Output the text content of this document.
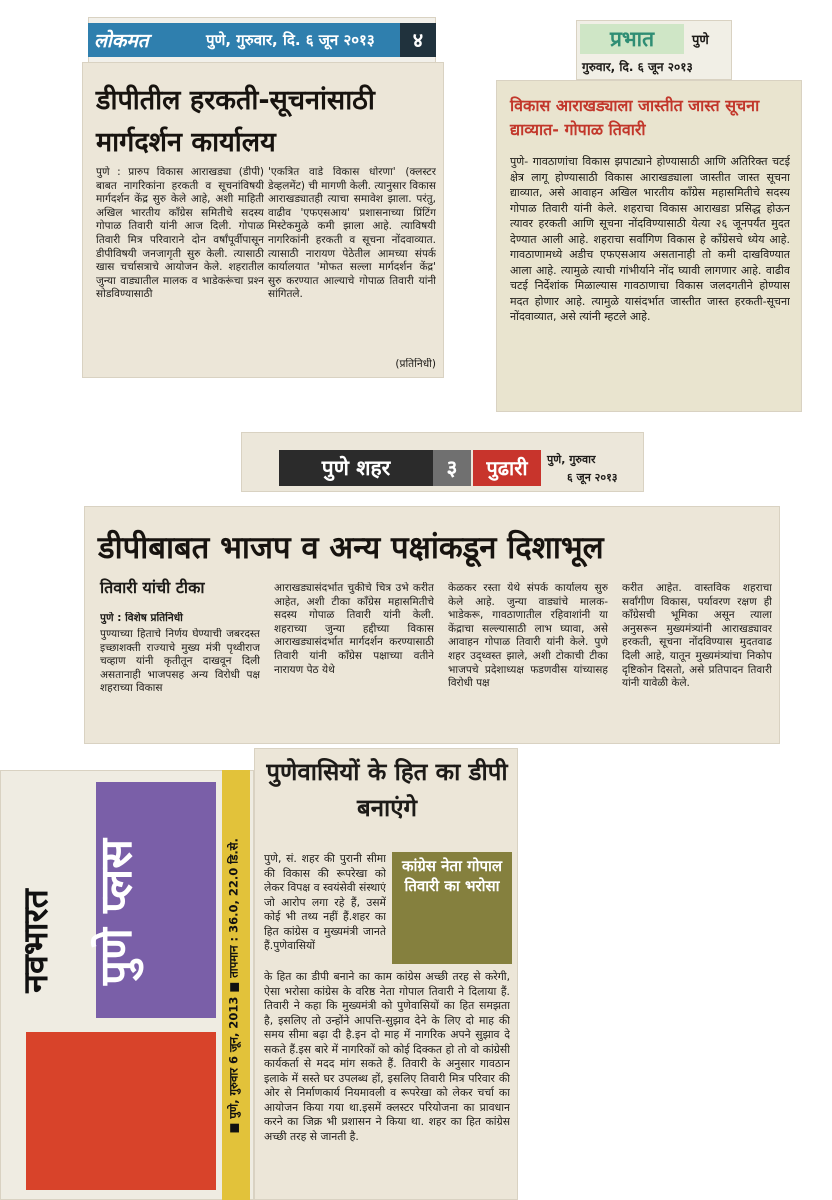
लोकमत	पुणे, गुरुवार, दि. ६ जून २०१३	४
डीपीतील हरकती-सूचनांसाठी मार्गदर्शन कार्यालय
पुणे : प्रारुप विकास आराखड्या (डीपी) बाबत नागरिकांना हरकती व सूचनांविषयी मार्गदर्शन केंद्र सुरु केले आहे, अशी माहिती अखिल भारतीय काँग्रेस समितीचे सदस्य गोपाळ तिवारी यांनी आज दिली. गोपाळ तिवारी मित्र परिवाराने दोन वर्षांपूर्वीपासून डीपीविषयी जनजागृती सुरु केली. त्यासाठी खास चर्चासत्राचे आयोजन केले. शहरातील जुन्या वाड्यातील मालक व भाडेकरूंचा प्रश्‍न सोडविण्यासाठी
'एकत्रित वाडे विकास धोरणा' (क्लस्टर डेव्हलमेंट) ची मागणी केली. त्यानुसार विकास आराखड्यातही त्याचा समावेश झाला. परंतु, वाढीव 'एफएसआय' प्रशासनाच्या प्रिंटिंग मिस्टेकमुळे कमी झाला आहे. त्याविषयी नागरिकांनी हरकती व सूचना नोंदवाव्यात. त्यासाठी नारायण पेठेतील आमच्या संपर्क कार्यालयात 'मोफत सल्ला मार्गदर्शन केंद्र' सुरु करण्यात आल्याचे गोपाळ तिवारी यांनी सांगितले.
(प्रतिनिधी)
प्रभात	पुणे
गुरुवार, दि. ६ जून २०१३
विकास आराखड्याला जास्तीत जास्त सूचना द्याव्यात- गोपाळ तिवारी
पुणे- गावठाणांचा विकास झपाट्याने होण्यासाठी आणि अतिरिक्त चटई क्षेत्र लागू होण्यासाठी विकास आराखड्याला जास्तीत जास्त सूचना द्याव्यात, असे आवाहन अखिल भारतीय काँग्रेस महासमितीचे सदस्य गोपाळ तिवारी यांनी केले. शहराचा विकास आराखडा प्रसिद्ध होऊन त्यावर हरकती आणि सूचना नोंदविण्यासाठी येत्या २६ जूनपर्यंत मुदत देण्यात आली आहे. शहराचा सर्वांगिण विकास हे काँग्रेसचे ध्येय आहे. गावठाणामध्ये अडीच एफएसआय असतानाही तो कमी दाखविण्यात आला आहे. त्यामुळे त्याची गांभीर्याने नोंद घ्यावी लागणार आहे. वाढीव चटई निर्देशांक मिळाल्यास गावठाणाचा विकास जलदगतीने होण्यास मदत होणार आहे. त्यामुळे यासंदर्भात जास्तीत जास्त हरकती-सूचना नोंदवाव्यात, असे त्यांनी म्हटले आहे.
पुणे शहर	३	पुढारी	पुणे, गुरुवार
६ जून २०१३
डीपीबाबत भाजप व अन्य पक्षांकडून दिशाभूल
तिवारी यांची टीका
पुणे : विशेष प्रतिनिधी
पुण्याच्या हिताचे निर्णय घेण्याची जबरदस्त इच्छाशक्ती राज्याचे मुख्य मंत्री पृथ्वीराज चव्हाण यांनी कृतीतून दाखवून दिली असतानाही भाजपसह अन्य विरोधी पक्ष शहराच्या विकास
आराखड्यासंदर्भात चुकीचे चित्र उभे करीत आहेत, अशी टीका काँग्रेस महासमितीचे सदस्य गोपाळ तिवारी यांनी केली. शहराच्या जुन्या हद्दीच्या विकास आराखड्यासंदर्भात मार्गदर्शन करण्यासाठी तिवारी यांनी काँग्रेस पक्षाच्या वतीने नारायण पेठ येथे
केळकर रस्ता येथे संपर्क कार्यालय सुरु केले आहे. जुन्या वाड्यांचे मालक-भाडेकरू, गावठाणातील रहिवाशांनी या केंद्राचा सल्ल्यासाठी लाभ घ्यावा, असे आवाहन गोपाळ तिवारी यांनी केले. पुणे शहर उद्ध्वस्त झाले, अशी टोकाची टीका भाजपचे प्रदेशाध्यक्ष फडणवीस यांच्यासह विरोधी पक्ष
करीत आहेत. वास्तविक शहराचा सर्वांगीण विकास, पर्यावरण रक्षण ही काँग्रेसची भूमिका असून त्याला अनुसरून मुख्यमंत्र्यांनी आराखड्यावर हरकती, सूचना नोंदविण्यास मुदतवाढ दिली आहे, यातून मुख्यमंत्र्यांचा निकोप दृष्टिकोन दिसतो, असे प्रतिपादन तिवारी यांनी यावेळी केले.
नवभारत पुणे प्लस	■ पुणे, गुरुवार 6 जून, 2013 ■ तापमान : 36.0, 22.0 डि.से.
पुणेवासियों के हित का डीपी बनाएंगे
कांग्रेस नेता गोपाल तिवारी का भरोसा
पुणे, सं. शहर की पुरानी सीमा की विकास की रूपरेखा को लेकर विपक्ष व स्वयंसेवी संस्थाएं जो आरोप लगा रहे हैं, उसमें कोई भी तथ्य नहीं हैं.शहर का हित कांग्रेस व मुख्यमंत्री जानते हैं.पुणेवासियों
के हित का डीपी बनाने का काम कांग्रेस अच्छी तरह से करेगी, ऐसा भरोसा कांग्रेस के वरिष्ठ नेता गोपाल तिवारी ने दिलाया हैं. तिवारी ने कहा कि मुख्यमंत्री को पुणेवासियों का हित समझता है, इसलिए तो उन्होंने आपत्ति-सुझाव देने के लिए दो माह की समय सीमा बढ़ा दी है.इन दो माह में नागरिक अपने सुझाव दे सकते हैं.इस बारे में नागरिकों को कोई दिक्कत हो तो वो कांग्रेसी कार्यकर्ता से मदद मांग सकते हैं. तिवारी के अनुसार गावठान इलाके में सस्ते घर उपलब्ध हों, इसलिए तिवारी मित्र परिवार की ओर से निर्माणकार्य नियमावली व रूपरेखा को लेकर चर्चा का आयोजन किया गया था.इसमें क्लस्टर परियोजना का प्रावधान करने का जिक्र भी प्रशासन ने किया था. शहर का हित कांग्रेस अच्छी तरह से जानती है.
